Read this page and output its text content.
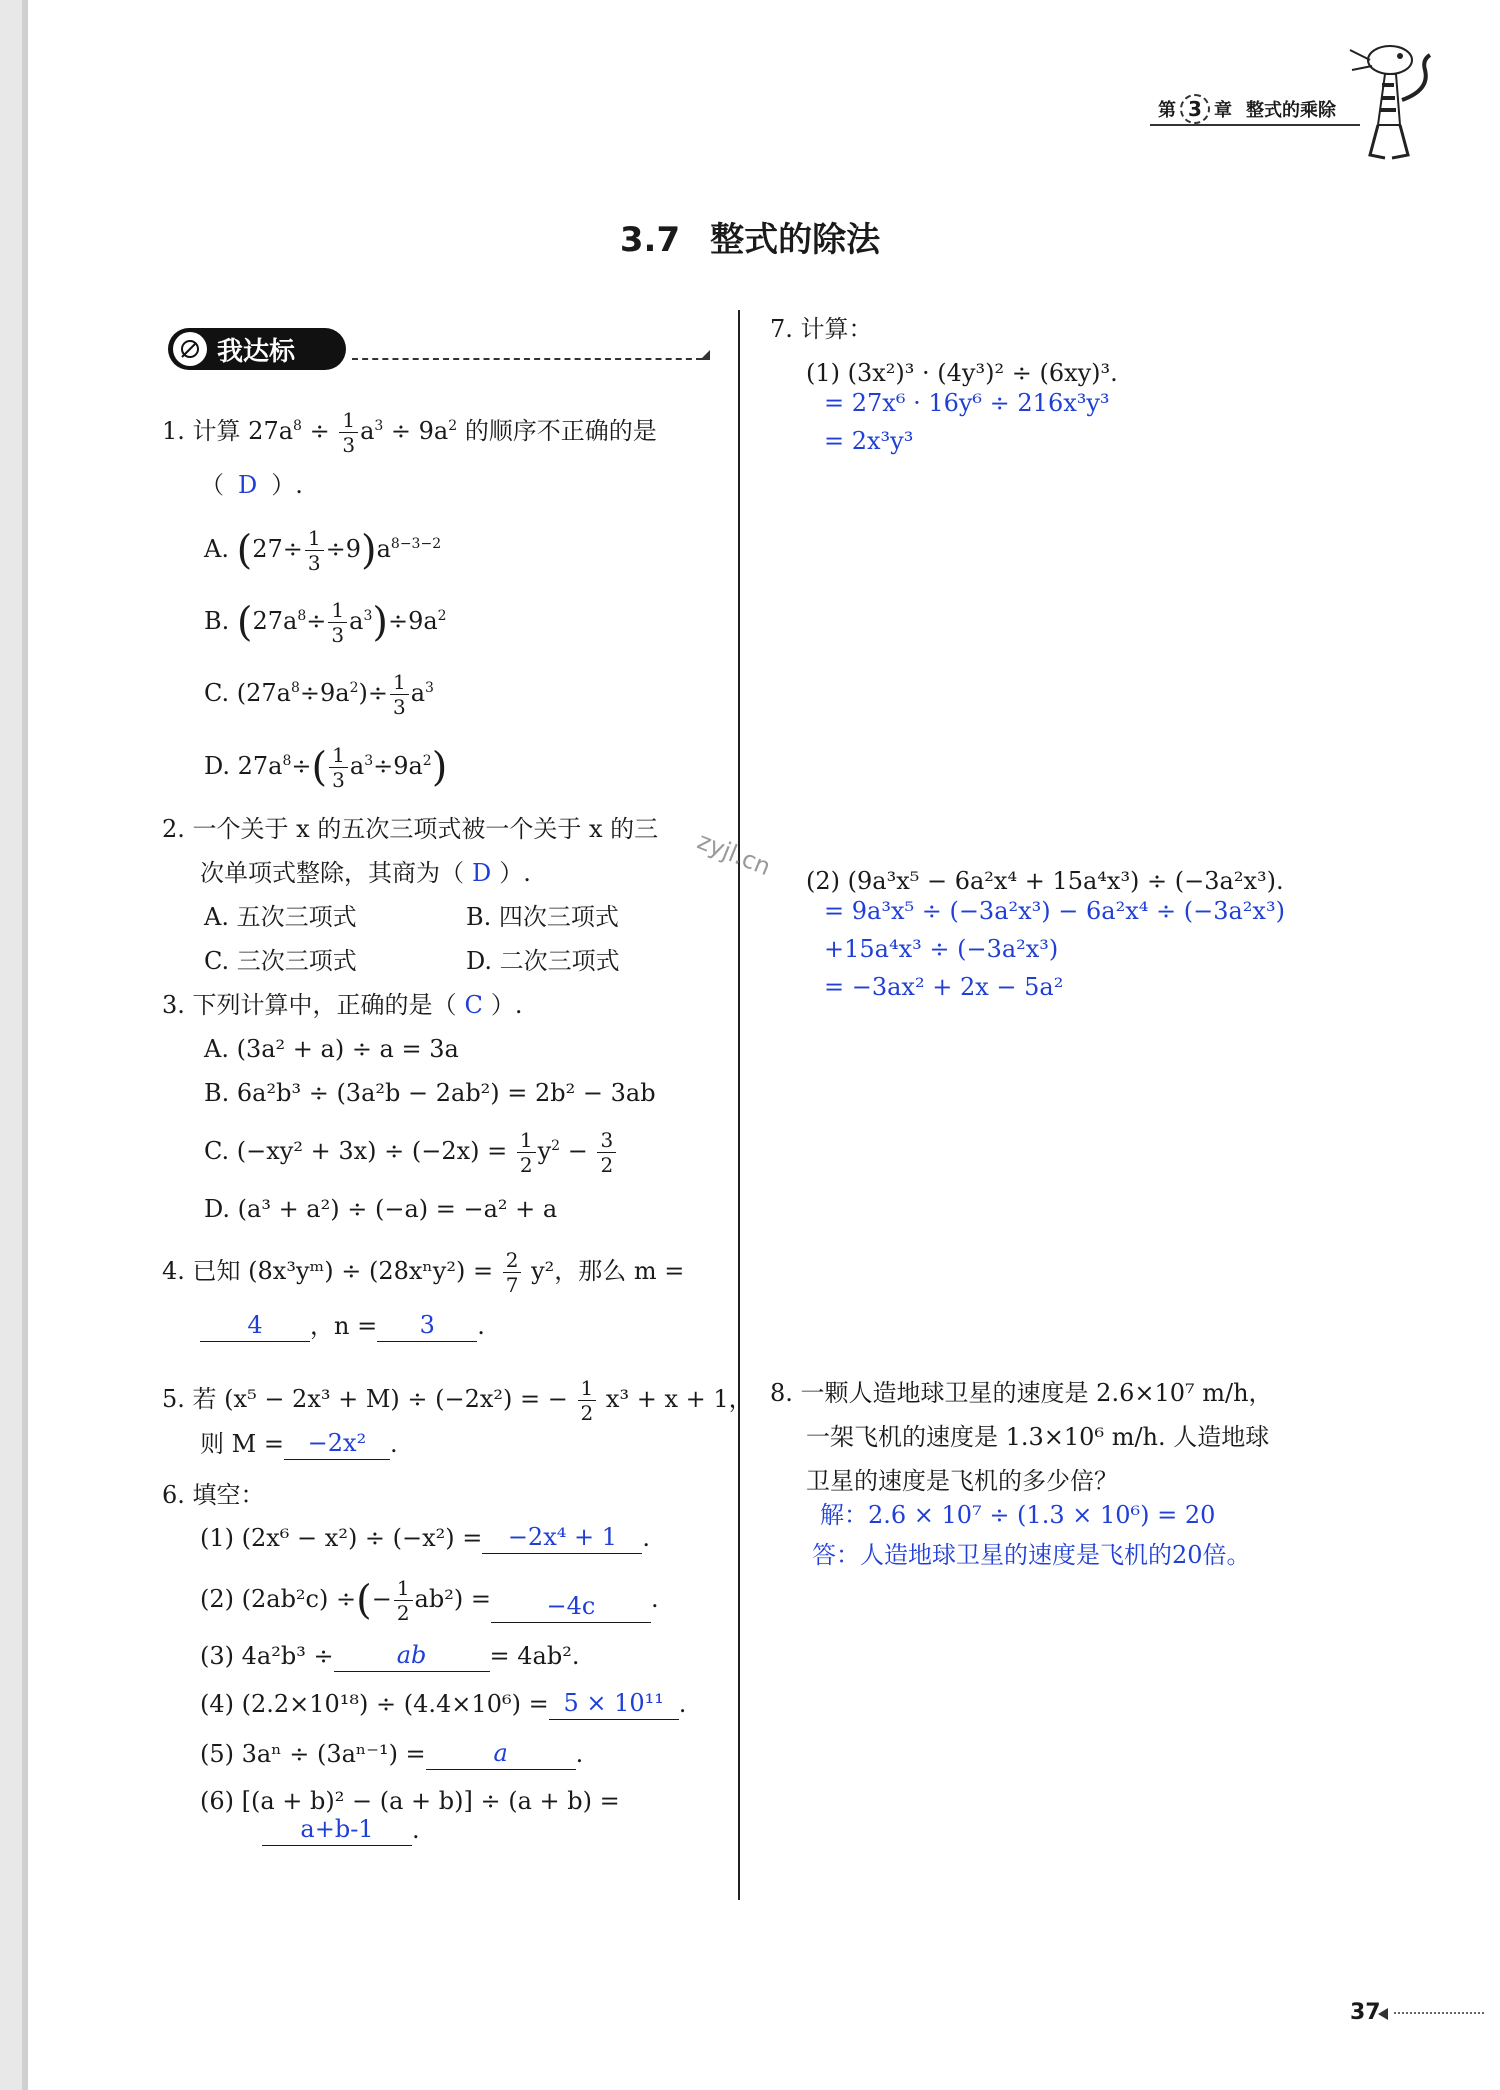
第 3 章 整式的乘除
3.7 整式的除法
我达标
1. 计算 $27a^8 \div \frac{1}{3} a^3 \div 9a^2$ 的顺序不正确的是
（ D ）.
A. $(27\div \frac{1}{3} \div 9)a^{8-3-2}$
B. $(27a^8\div \frac{1}{3} a^3)\div 9a^2$
C. $(27a^8\div 9a^2)\div \frac{1}{3} a^3$
D. $27a^8\div( \frac{1}{3} a^3\div 9a^2)$
2. 一个关于 x 的五次三项式被一个关于 x 的三
次单项式整除，其商为（ D ）.
A. 五次三项式	B. 四次三项式
C. 三次三项式	D. 二次三项式
3. 下列计算中，正确的是（ C ）.
A. (3a² + a) ÷ a = 3a
B. 6a²b³ ÷ (3a²b − 2ab²) = 2b² − 3ab
C. $(-xy^2 + 3x) \div (-2x) = \frac{1}{2} y^2 - \frac{3}{2}$
D. (a³ + a²) ÷ (−a) = −a² + a
4. 已知 (8x³yᵐ) ÷ $(28x^ny^2) = \frac{2}{7} y^2$，那么 m =
4 ，n = 3 .
5. 若 (x⁵ − 2x³ + M) ÷ (−2x²) = − $\frac{1}{2} x^3 + x + 1$，
则 M = −2x² .
6. 填空：
(1) (2x⁶ − x²) ÷ (−x²) = −2x⁴ + 1 .
(2) (2ab²c) ÷(− $\frac{1}{2} ab^2) = -4c$ .
(3) 4a²b³ ÷	ab	= 4ab².
(4) (2.2×10¹⁸) ÷ (4.4×10⁶) = 5 × 10¹¹ .
(5) 3aⁿ ÷ (3aⁿ⁻¹) =	a	.
(6) [(a + b)² − (a + b)] ÷ (a + b) =
a+b-1 .
7. 计算：
(1) (3x²)³ · (4y³)² ÷ (6xy)³.
= 27x⁶ · 16y⁶ ÷ 216x³y³
= 2x³y³
zyjl.cn (2) (9a³x⁵ − 6a²x⁴ + 15a⁴x³) ÷ (−3a²x³).
= 9a³x⁵ ÷ (−3a²x³) − 6a²x⁴ ÷ (−3a²x³)
+15a⁴x³ ÷ (−3a²x³)
= −3ax² + 2x − 5a²
8. 一颗人造地球卫星的速度是 2.6×10⁷ m/h，
一架飞机的速度是 1.3×10⁶ m/h. 人造地球
卫星的速度是飞机的多少倍？
解：2.6 × 10⁷ ÷ (1.3 × 10⁶) = 20
答：人造地球卫星的速度是飞机的20倍。
37
